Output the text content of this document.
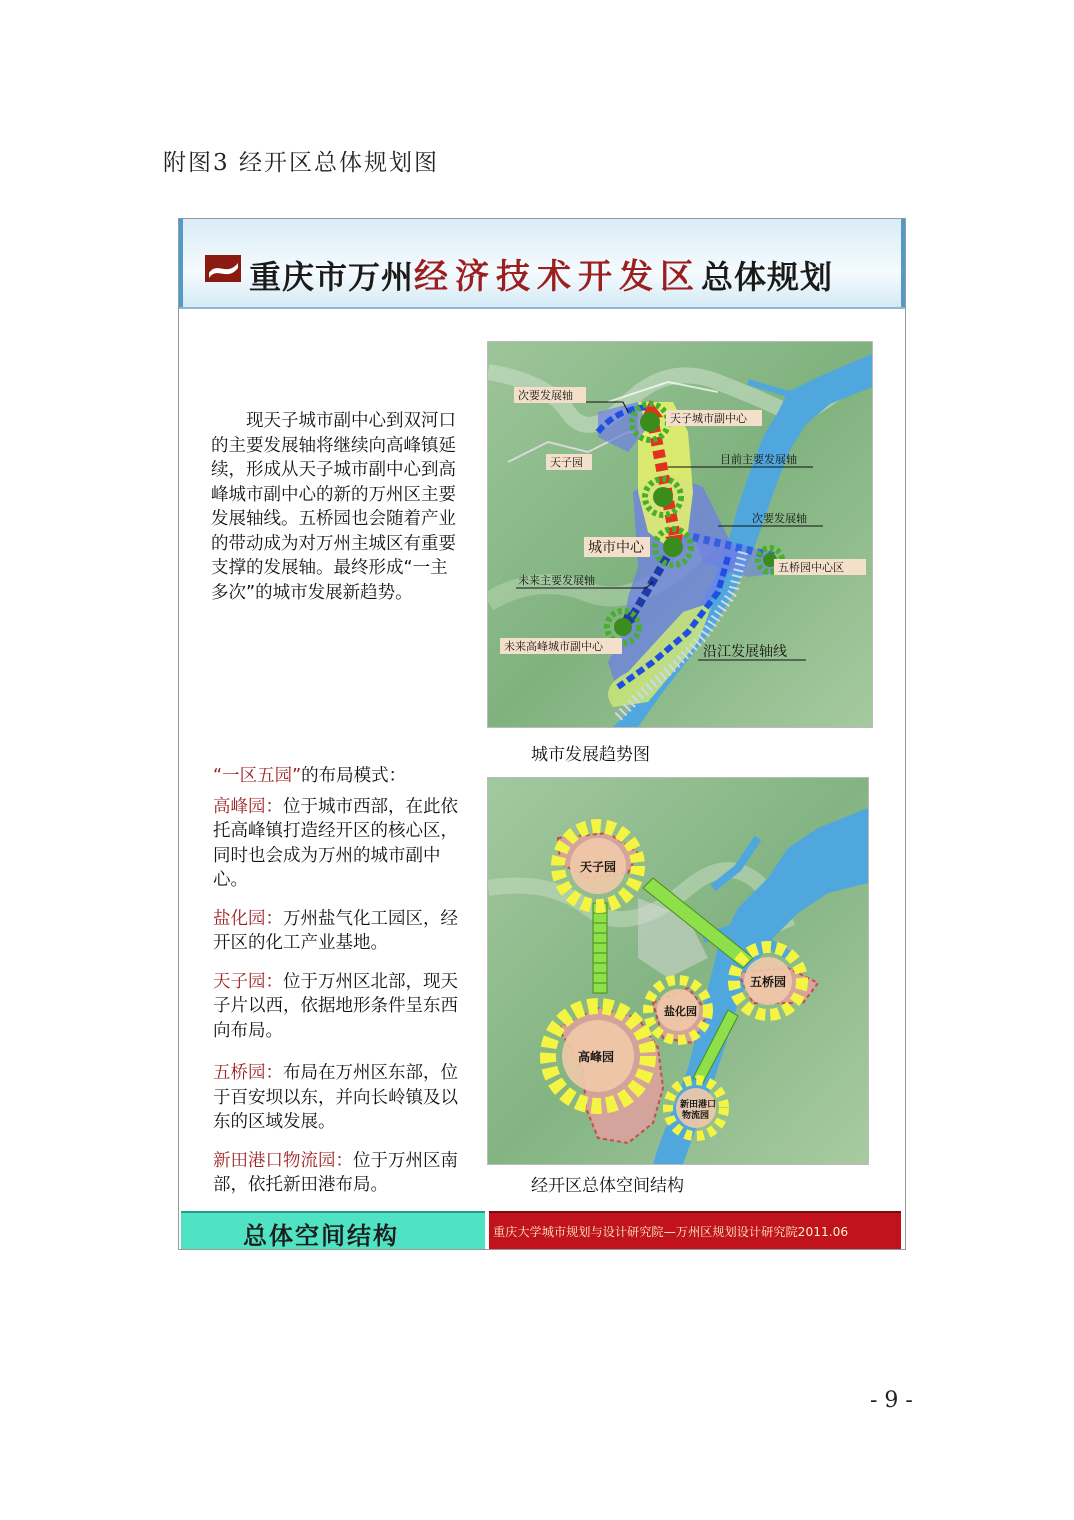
附图3 经开区总体规划图
重庆市万州经济技术开发区总体规划
现天子城市副中心到双河口的主要发展轴将继续向高峰镇延续，形成从天子城市副中心到高峰城市副中心的新的万州区主要发展轴线。五桥园也会随着产业的带动成为对万州主城区有重要支撑的发展轴。最终形成“一主多次”的城市发展新趋势。
次要发展轴
天子城市副中心
天子园	目前主要发展轴
次要发展轴
城市中心
五桥园中心区
未来主要发展轴
未来高峰城市副中心	沿江发展轴线
城市发展趋势图
“一区五园”的布局模式：
高峰园：位于城市西部，在此依托高峰镇打造经开区的核心区，同时也会成为万州的城市副中心。
盐化园：万州盐气化工园区，经开区的化工产业基地。
天子园：位于万州区北部，现天子片以西，依据地形条件呈东西向布局。
五桥园：布局在万州区东部，位于百安坝以东，并向长岭镇及以东的区域发展。
新田港口物流园：位于万州区南部，依托新田港布局。
天子园
五桥园
盐化园
高峰园
新田港口
物流园
经开区总体空间结构
总体空间结构	重庆大学城市规划与设计研究院—万州区规划设计研究院2011.06
- 9 -
